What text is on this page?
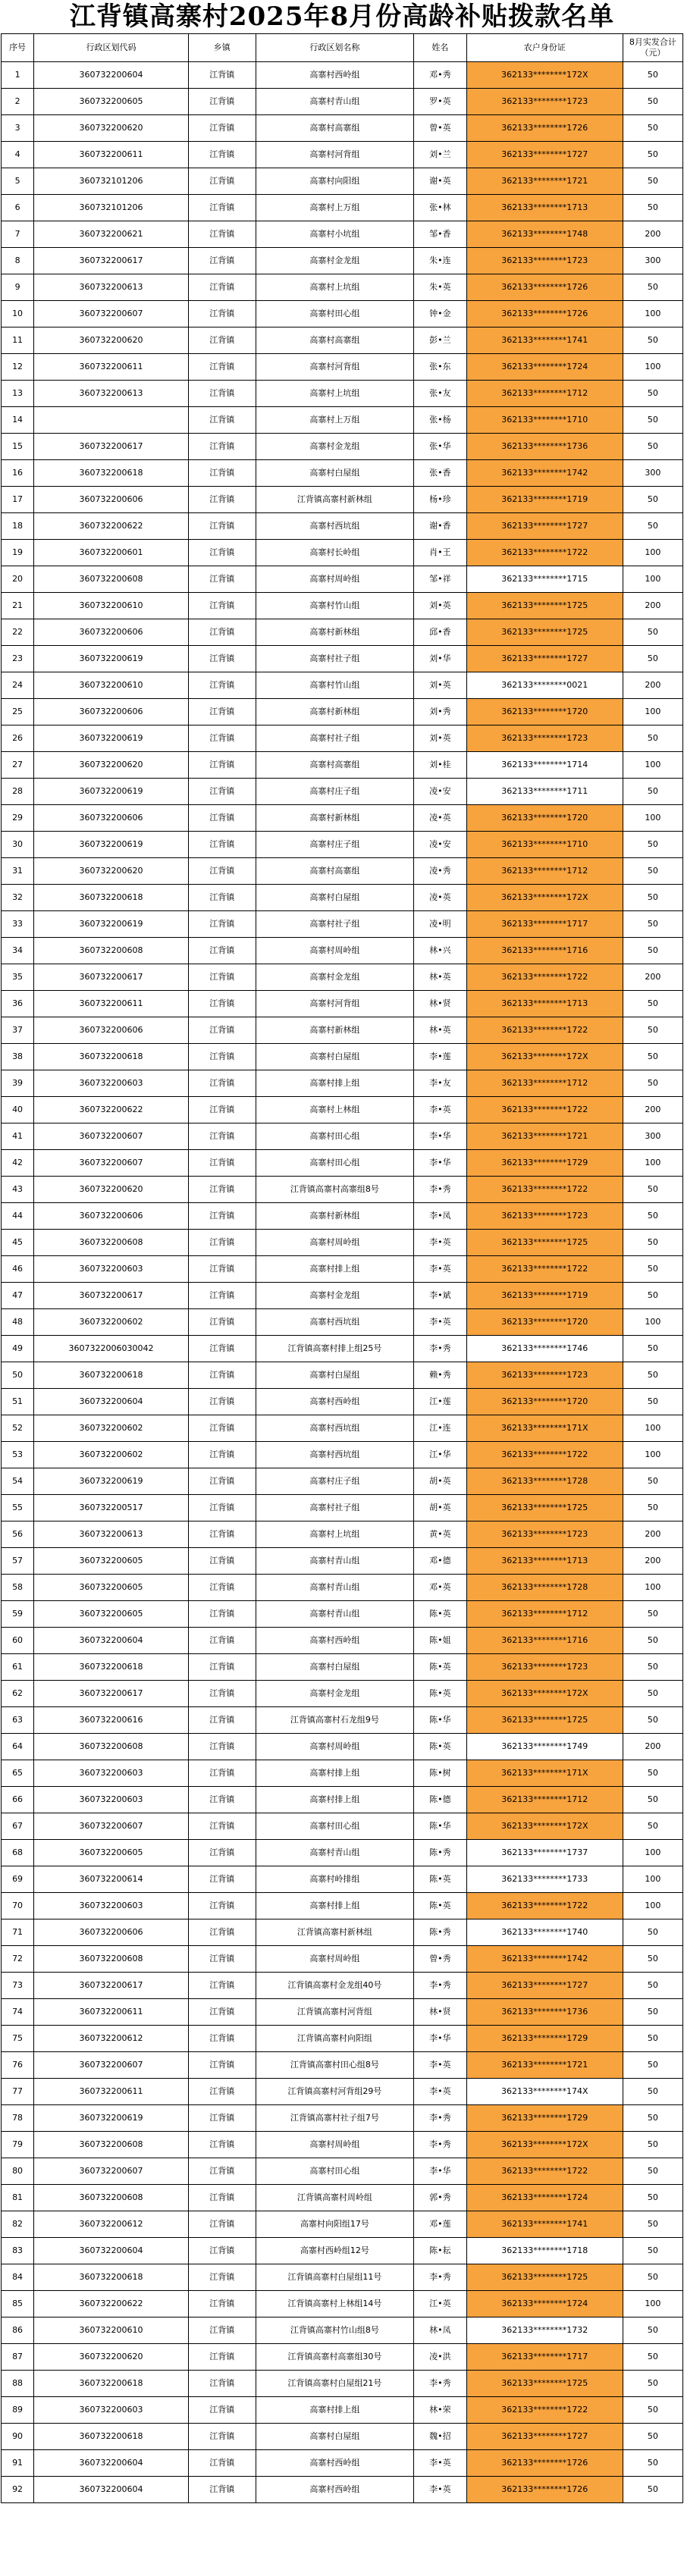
江背镇高寨村2025年8月份高龄补贴拨款名单
序号	行政区划代码	乡镇	行政区划名称	姓名	农户身份证	8月实发合计（元）
1	360732200604	江背镇	高寨村西岭组	邓•秀	362133********172X	50
2	360732200605	江背镇	高寨村青山组	罗•英	362133********1723	50
3	360732200620	江背镇	高寨村高寨组	曾•英	362133********1726	50
4	360732200611	江背镇	高寨村河背组	刘•兰	362133********1727	50
5	360732101206	江背镇	高寨村向阳组	谢•英	362133********1721	50
6	360732101206	江背镇	高寨村上万组	张•林	362133********1713	50
7	360732200621	江背镇	高寨村小坑组	邹•香	362133********1748	200
8	360732200617	江背镇	高寨村金龙组	朱•连	362133********1723	300
9	360732200613	江背镇	高寨村上坑组	朱•英	362133********1726	50
10	360732200607	江背镇	高寨村田心组	钟•金	362133********1726	100
11	360732200620	江背镇	高寨村高寨组	彭•兰	362133********1741	50
12	360732200611	江背镇	高寨村河背组	张•东	362133********1724	100
13	360732200613	江背镇	高寨村上坑组	张•友	362133********1712	50
14		江背镇	高寨村上万组	张•杨	362133********1710	50
15	360732200617	江背镇	高寨村金龙组	张•华	362133********1736	50
16	360732200618	江背镇	高寨村白屋组	张•香	362133********1742	300
17	360732200606	江背镇	江背镇高寨村新林组	杨•珍	362133********1719	50
18	360732200622	江背镇	高寨村西坑组	谢•香	362133********1727	50
19	360732200601	江背镇	高寨村长岭组	肖•王	362133********1722	100
20	360732200608	江背镇	高寨村周岭组	邹•祥	362133********1715	100
21	360732200610	江背镇	高寨村竹山组	刘•英	362133********1725	200
22	360732200606	江背镇	高寨村新林组	邱•香	362133********1725	50
23	360732200619	江背镇	高寨村社子组	刘•华	362133********1727	50
24	360732200610	江背镇	高寨村竹山组	刘•英	362133********0021	200
25	360732200606	江背镇	高寨村新林组	刘•秀	362133********1720	100
26	360732200619	江背镇	高寨村社子组	刘•英	362133********1723	50
27	360732200620	江背镇	高寨村高寨组	刘•桂	362133********1714	100
28	360732200619	江背镇	高寨村庄子组	凌•安	362133********1711	50
29	360732200606	江背镇	高寨村新林组	凌•英	362133********1720	100
30	360732200619	江背镇	高寨村庄子组	凌•安	362133********1710	50
31	360732200620	江背镇	高寨村高寨组	凌•秀	362133********1712	50
32	360732200618	江背镇	高寨村白屋组	凌•英	362133********172X	50
33	360732200619	江背镇	高寨村社子组	凌•明	362133********1717	50
34	360732200608	江背镇	高寨村周岭组	林•兴	362133********1716	50
35	360732200617	江背镇	高寨村金龙组	林•英	362133********1722	200
36	360732200611	江背镇	高寨村河背组	林•贤	362133********1713	50
37	360732200606	江背镇	高寨村新林组	林•英	362133********1722	50
38	360732200618	江背镇	高寨村白屋组	李•莲	362133********172X	50
39	360732200603	江背镇	高寨村排上组	李•友	362133********1712	50
40	360732200622	江背镇	高寨村上林组	李•英	362133********1722	200
41	360732200607	江背镇	高寨村田心组	李•华	362133********1721	300
42	360732200607	江背镇	高寨村田心组	李•华	362133********1729	100
43	360732200620	江背镇	江背镇高寨村高寨组8号	李•秀	362133********1722	50
44	360732200606	江背镇	高寨村新林组	李•凤	362133********1723	50
45	360732200608	江背镇	高寨村周岭组	李•英	362133********1725	50
46	360732200603	江背镇	高寨村排上组	李•英	362133********1722	50
47	360732200617	江背镇	高寨村金龙组	李•斌	362133********1719	50
48	360732200602	江背镇	高寨村西坑组	李•英	362133********1720	100
49	3607322006030042	江背镇	江背镇高寨村排上组25号	李•秀	362133********1746	50
50	360732200618	江背镇	高寨村白屋组	赖•秀	362133********1723	50
51	360732200604	江背镇	高寨村西岭组	江•莲	362133********1720	50
52	360732200602	江背镇	高寨村西坑组	江•连	362133********171X	100
53	360732200602	江背镇	高寨村西坑组	江•华	362133********1722	100
54	360732200619	江背镇	高寨村庄子组	胡•英	362133********1728	50
55	360732200517	江背镇	高寨村社子组	胡•英	362133********1725	50
56	360732200613	江背镇	高寨村上坑组	黄•英	362133********1723	200
57	360732200605	江背镇	高寨村青山组	邓•德	362133********1713	200
58	360732200605	江背镇	高寨村青山组	邓•英	362133********1728	100
59	360732200605	江背镇	高寨村青山组	陈•英	362133********1712	50
60	360732200604	江背镇	高寨村西岭组	陈•姐	362133********1716	50
61	360732200618	江背镇	高寨村白屋组	陈•英	362133********1723	50
62	360732200617	江背镇	高寨村金龙组	陈•英	362133********172X	50
63	360732200616	江背镇	江背镇高寨村石龙组9号	陈•华	362133********1725	50
64	360732200608	江背镇	高寨村周岭组	陈•英	362133********1749	200
65	360732200603	江背镇	高寨村排上组	陈•树	362133********171X	50
66	360732200603	江背镇	高寨村排上组	陈•德	362133********1712	50
67	360732200607	江背镇	高寨村田心组	陈•华	362133********172X	50
68	360732200605	江背镇	高寨村青山组	陈•秀	362133********1737	100
69	360732200614	江背镇	高寨村岭排组	陈•英	362133********1733	100
70	360732200603	江背镇	高寨村排上组	陈•英	362133********1722	100
71	360732200606	江背镇	江背镇高寨村新林组	陈•秀	362133********1740	50
72	360732200608	江背镇	高寨村周岭组	曾•秀	362133********1742	50
73	360732200617	江背镇	江背镇高寨村金龙组40号	李•秀	362133********1727	50
74	360732200611	江背镇	江背镇高寨村河背组	林•贤	362133********1736	50
75	360732200612	江背镇	江背镇高寨村向阳组	李•华	362133********1729	50
76	360732200607	江背镇	江背镇高寨村田心组8号	李•英	362133********1721	50
77	360732200611	江背镇	江背镇高寨村河背组29号	李•英	362133********174X	50
78	360732200619	江背镇	江背镇高寨村社子组7号	李•秀	362133********1729	50
79	360732200608	江背镇	高寨村周岭组	李•秀	362133********172X	50
80	360732200607	江背镇	高寨村田心组	李•华	362133********1722	50
81	360732200608	江背镇	江背镇高寨村周岭组	郭•秀	362133********1724	50
82	360732200612	江背镇	高寨村向阳组17号	邓•莲	362133********1741	50
83	360732200604	江背镇	高寨村西岭组12号	陈•耘	362133********1718	50
84	360732200618	江背镇	江背镇高寨村白屋组11号	李•秀	362133********1725	50
85	360732200622	江背镇	江背镇高寨村上林组14号	江•英	362133********1724	100
86	360732200610	江背镇	江背镇高寨村竹山组8号	林•凤	362133********1732	50
87	360732200620	江背镇	江背镇高寨村高寨组30号	凌•洪	362133********1717	50
88	360732200618	江背镇	江背镇高寨村白屋组21号	李•秀	362133********1725	50
89	360732200603	江背镇	高寨村排上组	林•荣	362133********1722	50
90	360732200618	江背镇	高寨村白屋组	魏•招	362133********1727	50
91	360732200604	江背镇	高寨村西岭组	李•英	362133********1726	50
92	360732200604	江背镇	高寨村西岭组	李•英	362133********1726	50
